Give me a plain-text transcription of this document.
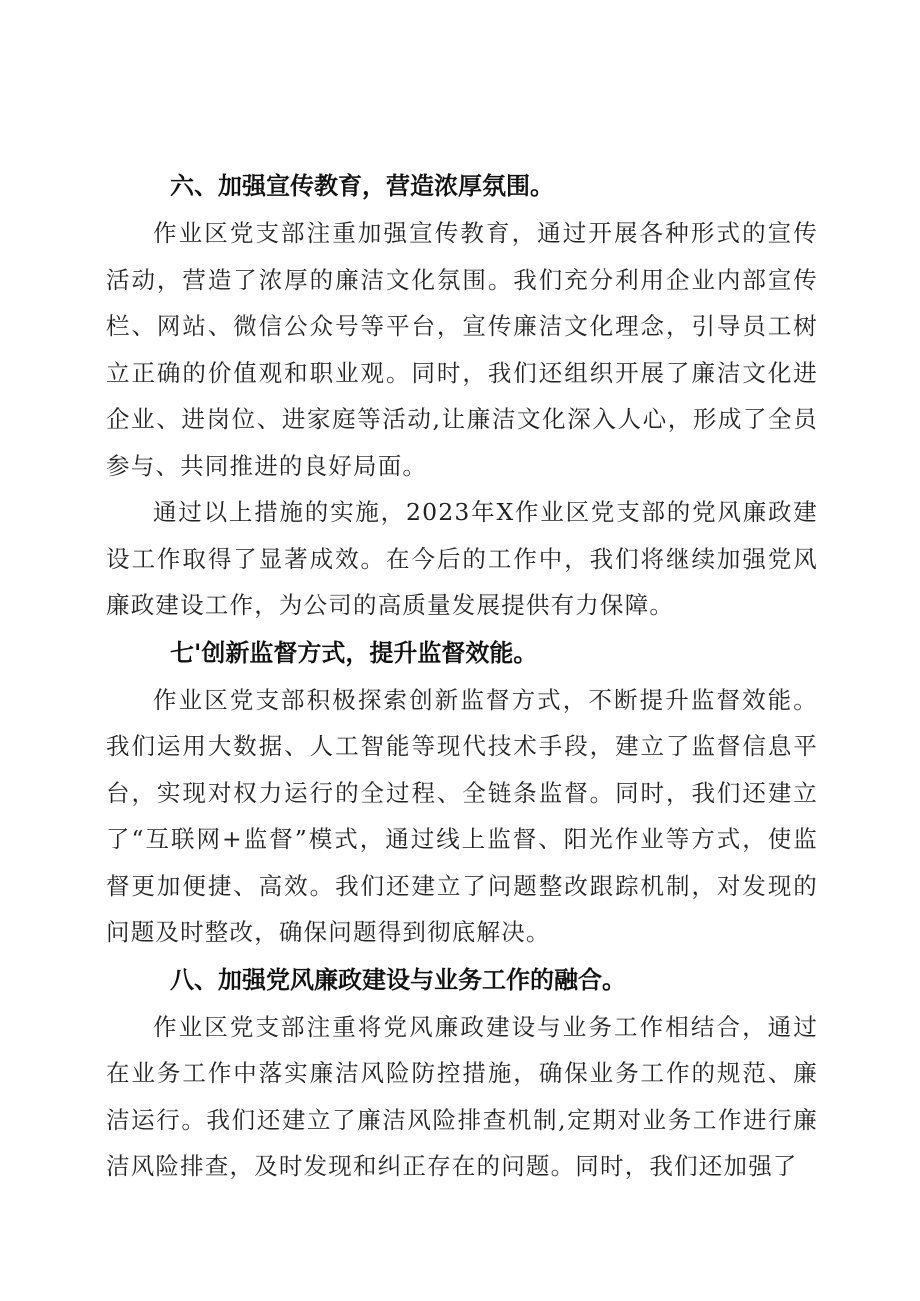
六、加强宣传教育，营造浓厚氛围。

作业区党支部注重加强宣传教育，通过开展各种形式的宣传活动，营造了浓厚的廉洁文化氛围。我们充分利用企业内部宣传栏、网站、微信公众号等平台，宣传廉洁文化理念，引导员工树立正确的价值观和职业观。同时，我们还组织开展了廉洁文化进企业、进岗位、进家庭等活动,让廉洁文化深入人心，形成了全员参与、共同推进的良好局面。

通过以上措施的实施，2023年X作业区党支部的党风廉政建设工作取得了显著成效。在今后的工作中，我们将继续加强党风廉政建设工作，为公司的高质量发展提供有力保障。

七'创新监督方式，提升监督效能。

作业区党支部积极探索创新监督方式，不断提升监督效能。我们运用大数据、人工智能等现代技术手段，建立了监督信息平台，实现对权力运行的全过程、全链条监督。同时，我们还建立了“互联网+监督”模式，通过线上监督、阳光作业等方式，使监督更加便捷、高效。我们还建立了问题整改跟踪机制，对发现的问题及时整改，确保问题得到彻底解决。

八、加强党风廉政建设与业务工作的融合。

作业区党支部注重将党风廉政建设与业务工作相结合，通过在业务工作中落实廉洁风险防控措施，确保业务工作的规范、廉洁运行。我们还建立了廉洁风险排查机制,定期对业务工作进行廉洁风险排查，及时发现和纠正存在的问题。同时，我们还加强了
